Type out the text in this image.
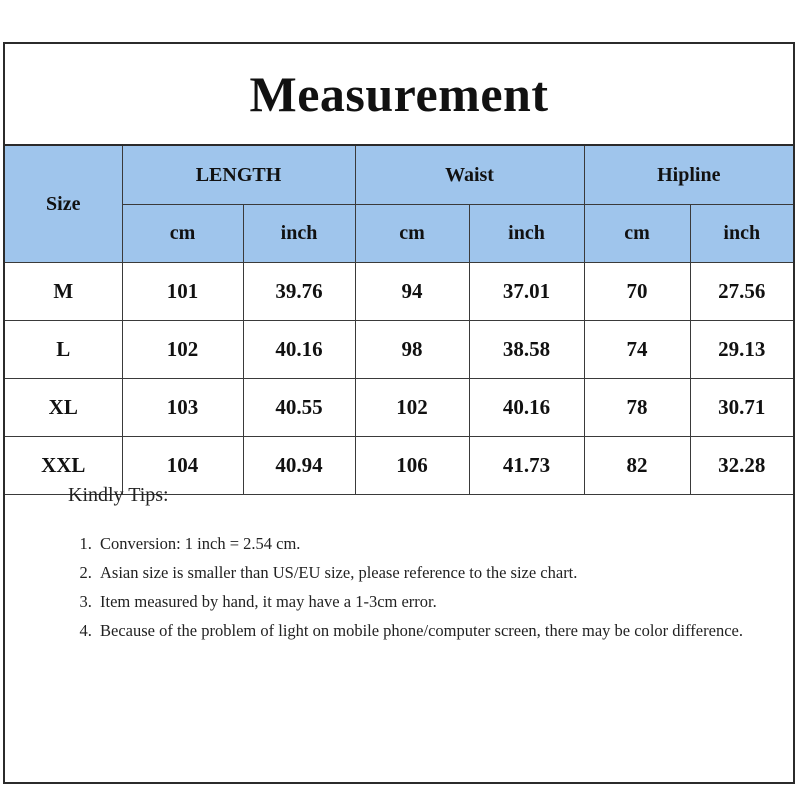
Measurement
Size	LENGTH		Waist		Hipline	
	cm	inch	cm	inch	cm	inch
M	101	39.76	94	37.01	70	27.56
L	102	40.16	98	38.58	74	29.13
XL	103	40.55	102	40.16	78	30.71
XXL	104	40.94	106	41.73	82	32.28
Kindly Tips:
1. Conversion: 1 inch = 2.54 cm.
2. Asian size is smaller than US/EU size, please reference to the size chart.
3. Item measured by hand, it may have a 1-3cm error.
4. Because of the problem of light on mobile phone/computer screen, there may be color difference.
